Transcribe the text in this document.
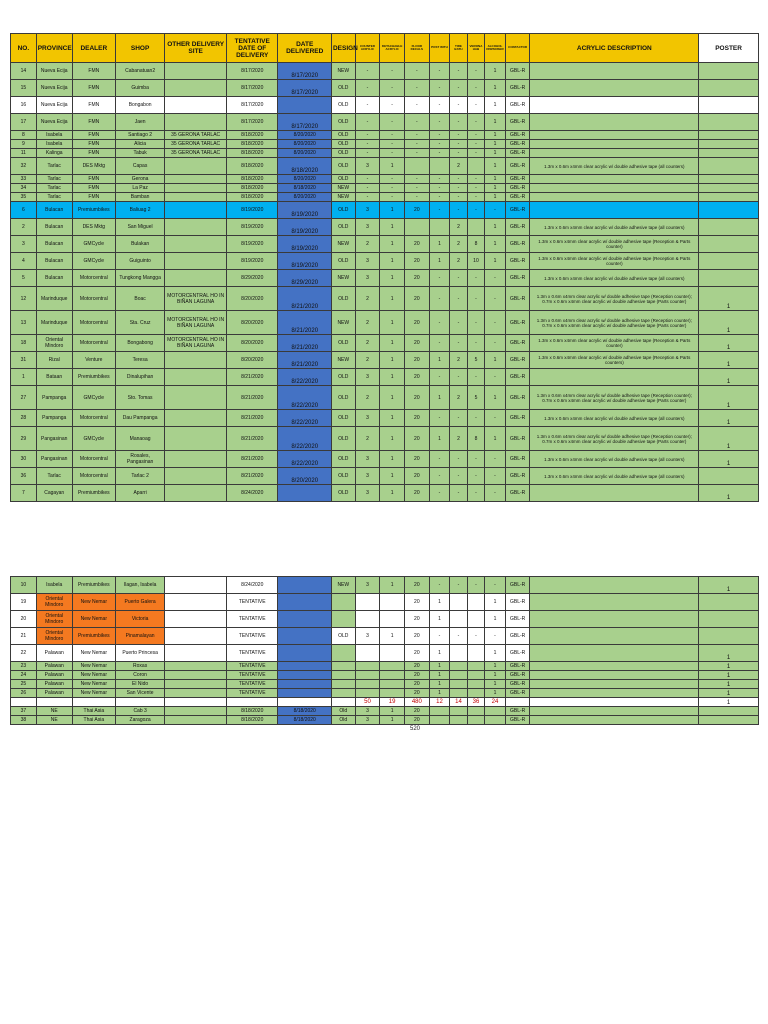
NO.	PROVINCE	DEALER	SHOP	OTHER DELIVERY SITE	TENTATIVE DATE OF DELIVERY	DATE DELIVERED	DESIGN	COUNTER ACRYLIC	DETACHABLE ACRYLIC	FLOOR DECALS	POST WITH	TIRE BATH	VERONA HAB	ALCOHOL DISPENSER	CONTACTOR	ACRYLIC DESCRIPTION	POSTER
14	Nueva Ecija	FMN	Cabanatuan2		8/17/2020	8/17/2020	NEW	-	-	-	-	-	-	1	GBL-R		
15	Nueva Ecija	FMN	Guimba		8/17/2020	8/17/2020	OLD	-	-	-	-	-	-	1	GBL-R		
16	Nueva Ecija	FMN	Bongabon		8/17/2020		OLD	-	-	-	-	-	-	1	GBL-R		
17	Nueva Ecija	FMN	Jaen		8/17/2020	8/17/2020	OLD	-	-	-	-	-	-	1	GBL-R		
8	Isabela	FMN	Santiago 2	35 GERONA TARLAC	8/18/2020	8/20/2020	OLD	-	-	-	-	-	-	1	GBL-R		
9	Isabela	FMN	Alicia	35 GERONA TARLAC	8/18/2020	8/20/2020	OLD	-	-	-	-	-	-	1	GBL-R		
11	Kalinga	FMN	Tabuk	35 GERONA TARLAC	8/18/2020	8/20/2020	OLD	-	-	-	-	-	-	1	GBL-R		
32	Tarlac	DES Mktg	Capas		8/18/2020	8/18/2020	OLD	3	1			2		1	GBL-R	1.3m x 0.6m x4mm clear acrylic w/ double adhesive tape (all counters)	
33	Tarlac	FMN	Gerona		8/18/2020	8/20/2020	OLD	-	-	-	-	-	-	1	GBL-R		
34	Tarlac	FMN	La Paz		8/18/2020	8/18/2020	NEW	-	-	-	-	-	-	1	GBL-R		
35	Tarlac	FMN	Bamban		8/18/2020	8/20/2020	NEW	-	-	-	-	-	-	1	GBL-R		
6	Bulacan	Premiumbikes	Baliuag 2		8/19/2020	8/19/2020	OLD	3	1	20	-	-	-	-	GBL-R		
2	Bulacan	DES Mktg	San Miguel		8/19/2020	8/19/2020	OLD	3	1			2		1	GBL-R	1.3m x 0.6m x4mm clear acrylic w/ double adhesive tape (all counters)	
3	Bulacan	GMCycle	Bulakan		8/19/2020	8/19/2020	NEW	2	1	20	1	2	8	1	GBL-R	1.3m x 0.6m x4mm clear acrylic w/ double adhesive tape (Reception & Parts counter)	
4	Bulacan	GMCycle	Guiguinto		8/19/2020	8/19/2020	OLD	3	1	20	1	2	10	1	GBL-R	1.3m x 0.6m x4mm clear acrylic w/ double adhesive tape (Reception & Parts counter)	
5	Bulacan	Motorcentral	Tungkong Mangga		8/29/2020	8/29/2020	NEW	3	1	20	-	-	-	-	GBL-R	1.3m x 0.6m x4mm clear acrylic w/ double adhesive tape (all counters)	
12	Marinduque	Motorcentral	Boac	MOTORCENTRAL HO IN BIÑAN LAGUNA	8/20/2020	8/21/2020	OLD	2	1	20	-	-	-	-	GBL-R	1.3m x 0.6m x4mm clear acrylic w/ double adhesive tape (Reception counter); 0.7m x 0.6m x4mm clear acrylic w/ double adhesive tape (Parts counter)	1
13	Marinduque	Motorcentral	Sta. Cruz	MOTORCENTRAL HO IN BIÑAN LAGUNA	8/20/2020	8/21/2020	NEW	2	1	20	-	-	-	-	GBL-R	1.3m x 0.6m x4mm clear acrylic w/ double adhesive tape (Reception counter); 0.7m x 0.6m x4mm clear acrylic w/ double adhesive tape (Parts counter)	1
18	Oriental Mindoro	Motorcentral	Bongabong	MOTORCENTRAL HO IN BIÑAN LAGUNA	8/20/2020	8/21/2020	OLD	2	1	20	-	-	-	-	GBL-R	1.3m x 0.6m x4mm clear acrylic w/ double adhesive tape (Reception & Parts counter)	1
31	Rizal	Venture	Teresa		8/20/2020	8/21/2020	NEW	2	1	20	1	2	5	1	GBL-R	1.3m x 0.6m x4mm clear acrylic w/ double adhesive tape (Reception & Parts counters)	1
1	Bataan	Premiumbikes	Dinalupihan		8/21/2020	8/22/2020	OLD	3	1	20	-	-	-	-	GBL-R		1
27	Pampanga	GMCycle	Sto. Tomas		8/21/2020	8/22/2020	OLD	2	1	20	1	2	5	1	GBL-R	1.3m x 0.6m x4mm clear acrylic w/ double adhesive tape (Reception counter); 0.7m x 0.6m x4mm clear acrylic w/ double adhesive tape (Parts counter)	1
28	Pampanga	Motorcentral	Dau Pampanga		8/21/2020	8/22/2020	OLD	3	1	20	-	-	-	-	GBL-R	1.3m x 0.6m x4mm clear acrylic w/ double adhesive tape (all counters)	1
29	Pangasinan	GMCycle	Manaoag		8/21/2020	8/22/2020	OLD	2	1	20	1	2	8	1	GBL-R	1.3m x 0.6m x4mm clear acrylic w/ double adhesive tape (Reception counter); 0.7m x 0.6m x4mm clear acrylic w/ double adhesive tape (Parts counter)	1
30	Pangasinan	Motorcentral	Rosales, Pangasinan		8/21/2020	8/22/2020	OLD	3	1	20	-	-	-	-	GBL-R	1.3m x 0.6m x4mm clear acrylic w/ double adhesive tape (all counters)	1
36	Tarlac	Motorcentral	Tarlac 2		8/21/2020	8/20/2020	OLD	3	1	20	-	-	-	-	GBL-R	1.3m x 0.6m x4mm clear acrylic w/ double adhesive tape (all counters)	
7	Cagayan	Premiumbikes	Aparri		8/24/2020		OLD	3	1	20	-	-	-	-	GBL-R		1
10	Isabela	Premiumbikes	Ilagan, Isabela		8/24/2020		NEW	3	1	20	-	-	-	-	GBL-R		1
19	Oriental Mindoro	New Nemar	Puerto Galera		TENTATIVE					20	1			1	GBL-R		
20	Oriental Mindoro	New Nemar	Victoria		TENTATIVE					20	1			1	GBL-R		
21	Oriental Mindoro	Premiumbikes	Pinamalayan		TENTATIVE		OLD	3	1	20	-	-	-	-	GBL-R		
22	Palawan	New Nemar	Puerto Princesa		TENTATIVE					20	1			1	GBL-R		1
23	Palawan	New Nemar	Roxas		TENTATIVE					20	1			1	GBL-R		1
24	Palawan	New Nemar	Coron		TENTATIVE					20	1			1	GBL-R		1
25	Palawan	New Nemar	El Nido		TENTATIVE					20	1			1	GBL-R		1
26	Palawan	New Nemar	San Vicente		TENTATIVE					20	1			1	GBL-R		1
								50	19	480	12	14	36	24			1
37	NE	Thai Asia	Cab 3		8/18/2020	8/18/2020	Old	3	1	20					GBL-R		
38	NE	Thai Asia	Zaragoza		8/18/2020	8/18/2020	Old	3	1	20					GBL-R		
520
